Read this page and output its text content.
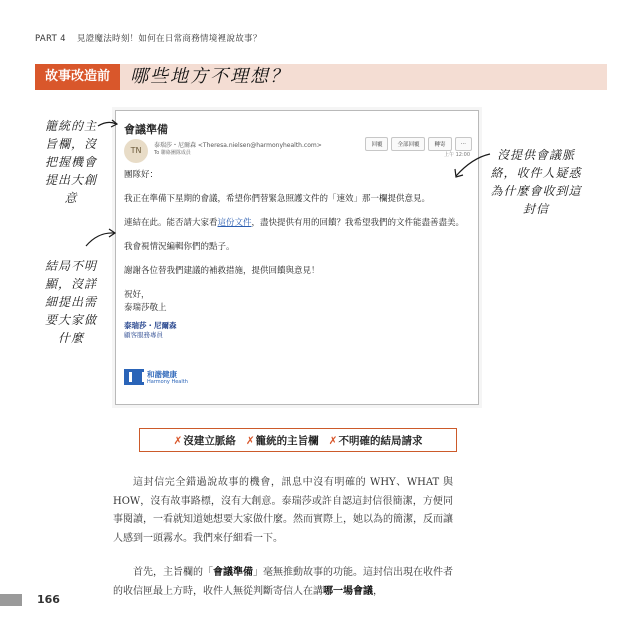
PART 4 見證魔法時刻！如何在日常商務情境裡說故事？
故事改造前	哪些地方不理想？
會議準備
TN
泰瑞莎・尼爾森 <Theresa.nielsen@harmonyhealth.com>
To 聯絡團隊成員
回覆	全部回覆	轉寄	…
上午 12:00

團隊好：

我正在準備下星期的會議，希望你們替緊急照護文件的「速效」那一欄提供意見。

連結在此。能否請大家看這份文件，盡快提供有用的回饋？我希望我們的文件能盡善盡美。

我會視情況編輯你們的點子。

謝謝各位替我們建議的補救措施，提供回饋與意見！

祝好，
泰瑞莎敬上

泰瑞莎・尼爾森
顧客服務專員
和諧健康
Harmony Health
籠統的主旨欄，沒把握機會提出大創意
結局不明顯，沒詳細提出需要大家做什麼
沒提供會議脈絡，收件人疑惑為什麼會收到這封信
✗沒建立脈絡 ✗籠統的主旨欄 ✗不明確的結局請求

這封信完全錯過說故事的機會，訊息中沒有明確的 WHY、WHAT 與 HOW，沒有故事路標，沒有大創意。泰瑞莎或許自認這封信很簡潔，方便同事閱讀，一看就知道她想要大家做什麼。然而實際上，她以為的簡潔，反而讓人感到一頭霧水。我們來仔細看一下。

首先，主旨欄的「會議準備」毫無推動故事的功能。這封信出現在收件者的收信匣最上方時，收件人無從判斷寄信人在講哪一場會議，

166
